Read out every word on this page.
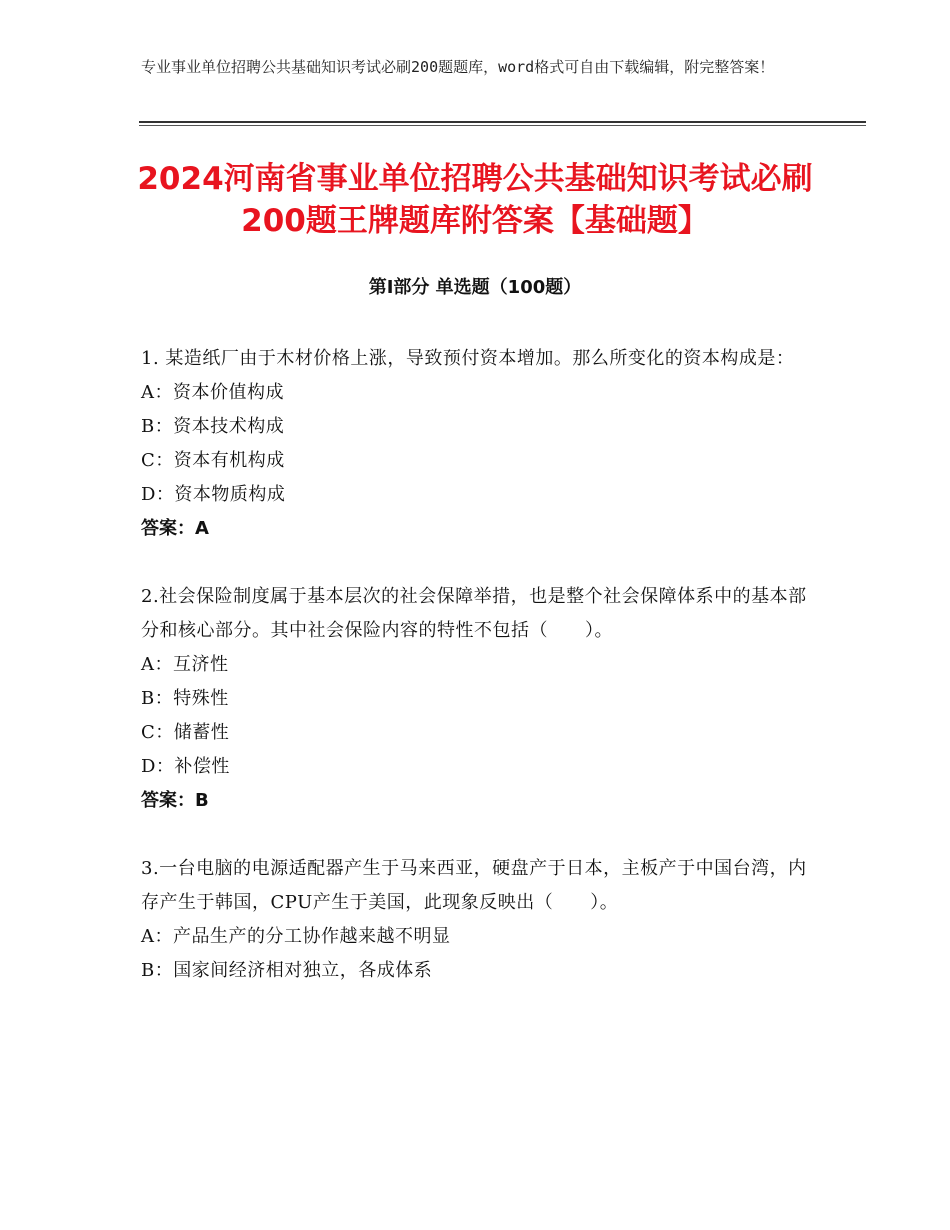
专业事业单位招聘公共基础知识考试必刷200题题库，word格式可自由下载编辑，附完整答案！
2024河南省事业单位招聘公共基础知识考试必刷200题王牌题库附答案【基础题】
第Ⅰ部分 单选题（100题）
1. 某造纸厂由于木材价格上涨，导致预付资本增加。那么所变化的资本构成是：
A：资本价值构成
B：资本技术构成
C：资本有机构成
D：资本物质构成
答案：A
2.社会保险制度属于基本层次的社会保障举措，也是整个社会保障体系中的基本部分和核心部分。其中社会保险内容的特性不包括（　　）。
A：互济性
B：特殊性
C：储蓄性
D：补偿性
答案：B
3.一台电脑的电源适配器产生于马来西亚，硬盘产于日本，主板产于中国台湾，内存产生于韩国，CPU产生于美国，此现象反映出（　　）。
A：产品生产的分工协作越来越不明显
B：国家间经济相对独立，各成体系
